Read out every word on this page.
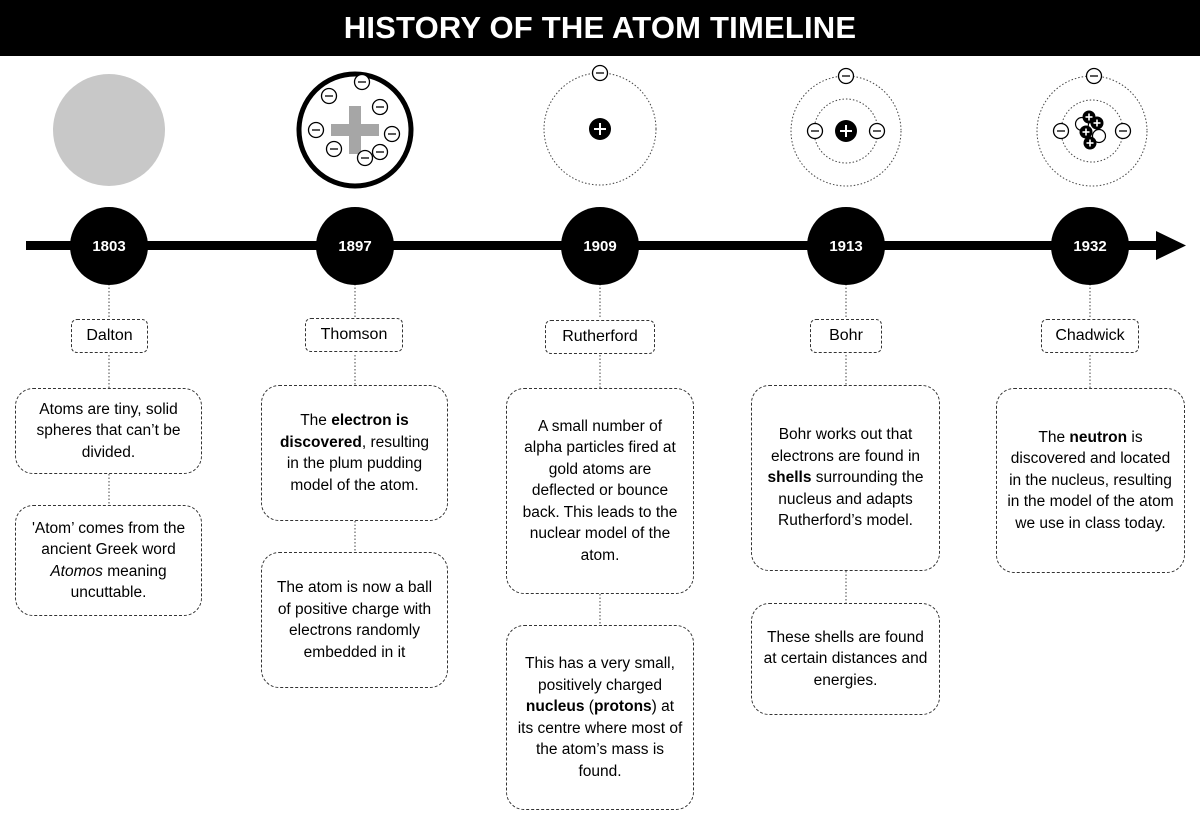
HISTORY OF THE ATOM TIMELINE
1803	1897	1909	1913	1932
Dalton	Thomson	Rutherford	Bohr	Chadwick
Atoms are tiny, solid spheres that can’t be divided.
'Atom’ comes from the ancient Greek word Atomos meaning uncuttable.
The electron is discovered, resulting in the plum pudding model of the atom.
The atom is now a ball of positive charge with electrons randomly embedded in it
A small number of alpha particles fired at gold atoms are deflected or bounce back. This leads to the nuclear model of the atom.
This has a very small, positively charged nucleus (protons) at its centre where most of the atom’s mass is found.
Bohr works out that electrons are found in shells surrounding the nucleus and adapts Rutherford’s model.
These shells are found at certain distances and energies.
The neutron is discovered and located in the nucleus, resulting in the model of the atom we use in class today.
